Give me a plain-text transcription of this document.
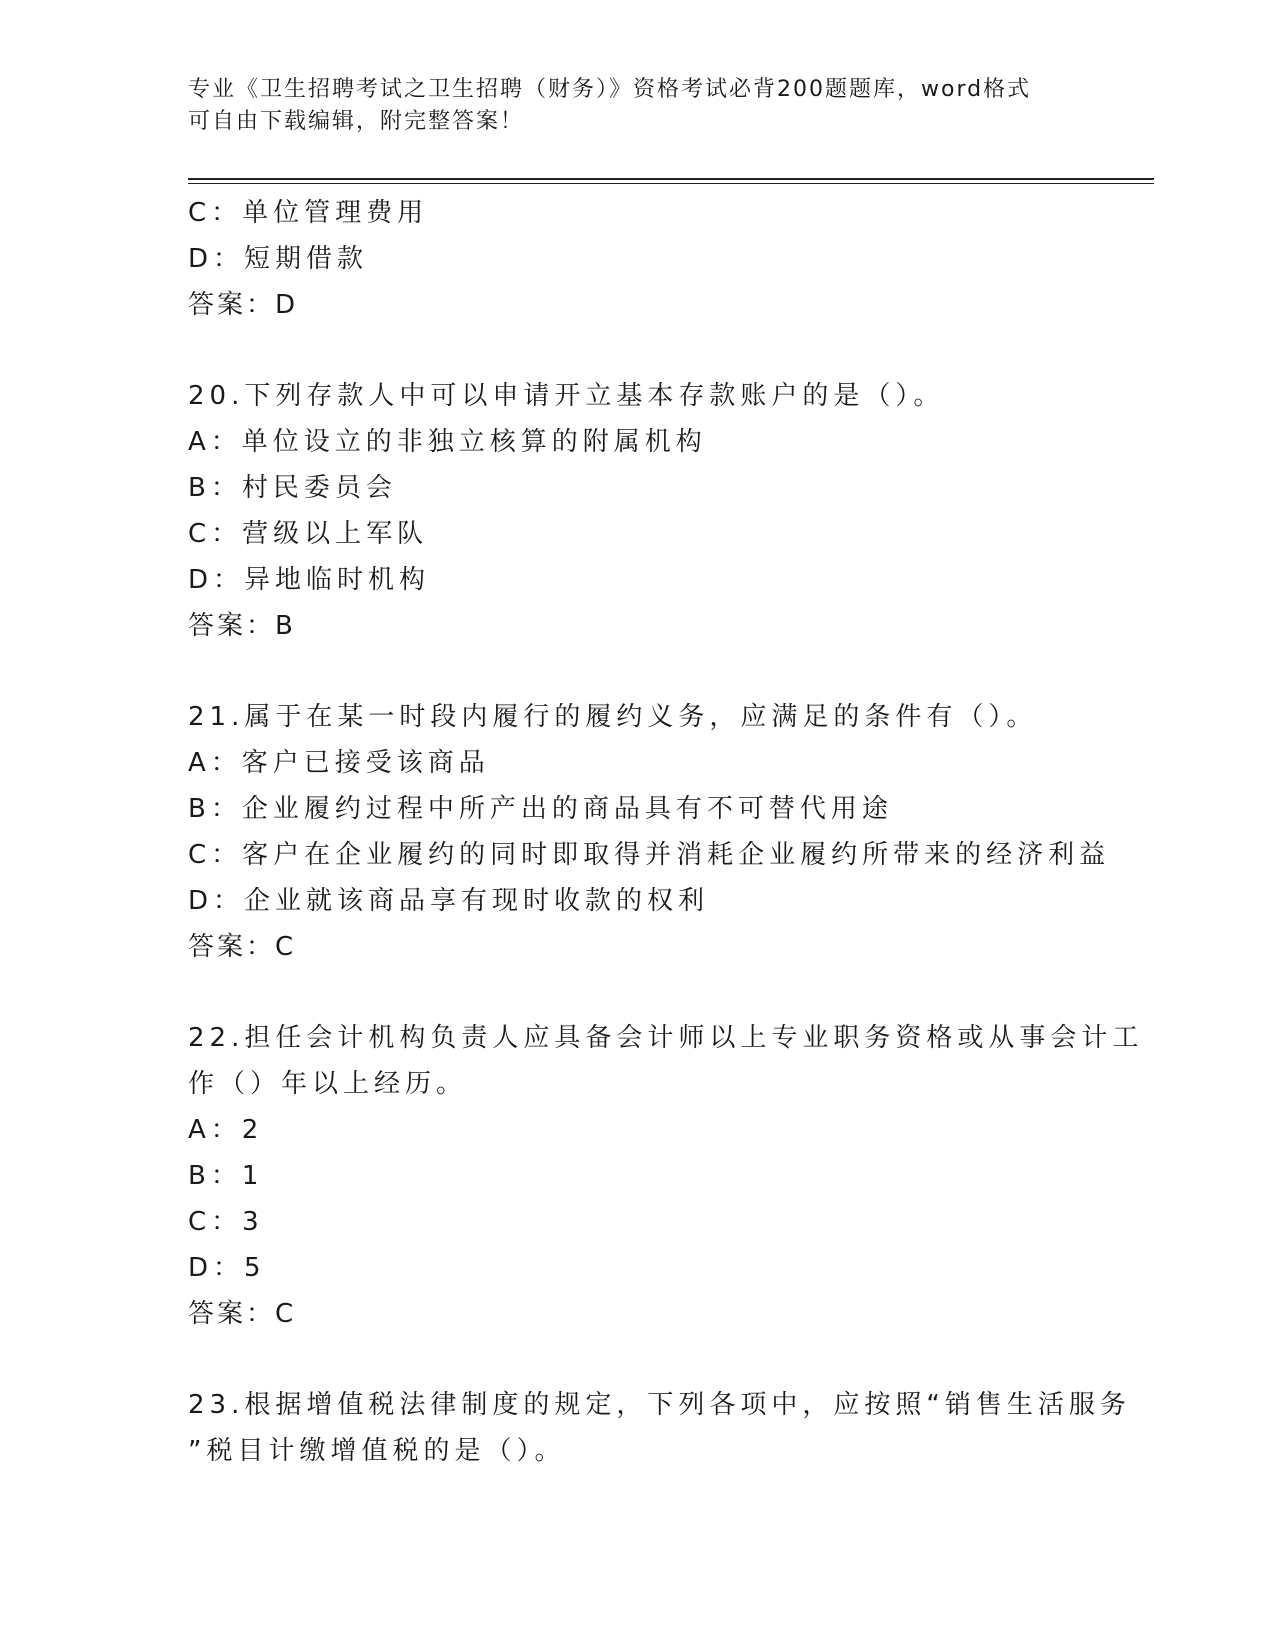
专业《卫生招聘考试之卫生招聘（财务）》资格考试必背200题题库，word格式
可自由下载编辑，附完整答案！
C：单位管理费用
D：短期借款
答案：D
20.下列存款人中可以申请开立基本存款账户的是（）。
A：单位设立的非独立核算的附属机构
B：村民委员会
C：营级以上军队
D：异地临时机构
答案：B
21.属于在某一时段内履行的履约义务，应满足的条件有（）。
A：客户已接受该商品
B：企业履约过程中所产出的商品具有不可替代用途
C：客户在企业履约的同时即取得并消耗企业履约所带来的经济利益
D：企业就该商品享有现时收款的权利
答案：C
22.担任会计机构负责人应具备会计师以上专业职务资格或从事会计工
作（）年以上经历。
A：2
B：1
C：3
D：5
答案：C
23.根据增值税法律制度的规定，下列各项中，应按照“销售生活服务
”税目计缴增值税的是（）。
